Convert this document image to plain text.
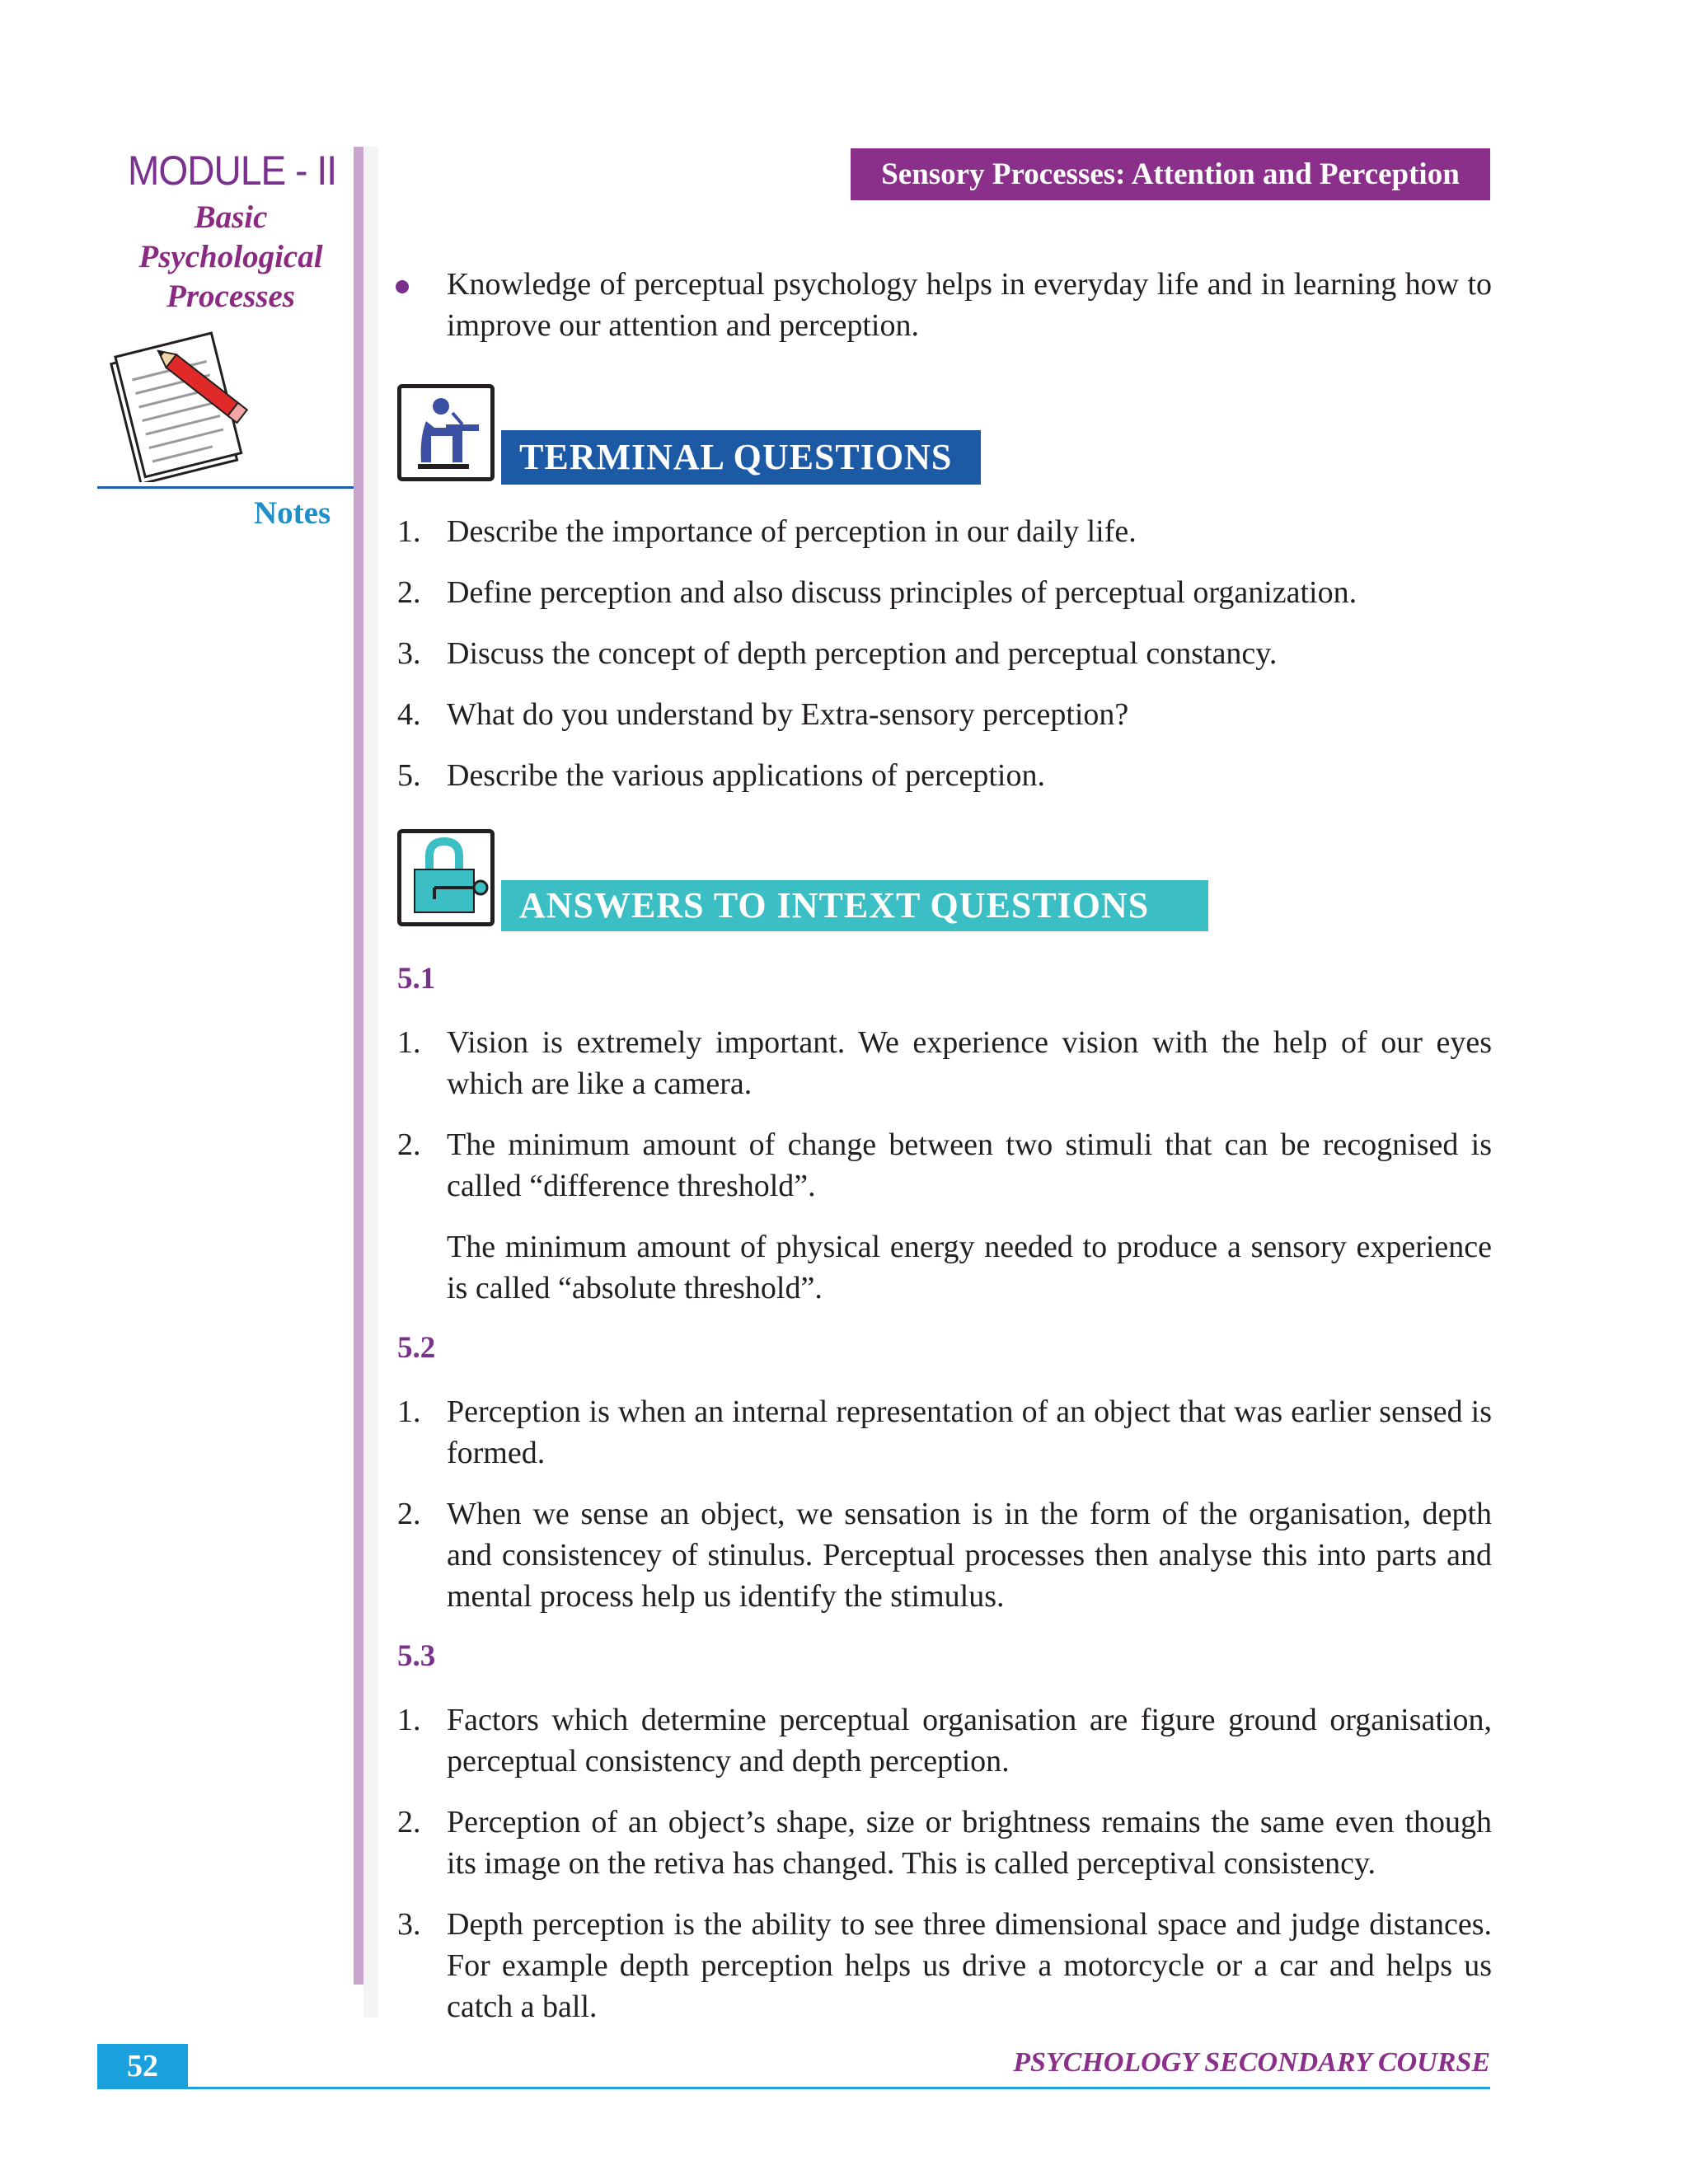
MODULE - II
Basic
Psychological
Processes
Notes
Sensory Processes: Attention and Perception
Knowledge of perceptual psychology helps in everyday life and in learning how to improve our attention and perception.
TERMINAL QUESTIONS
1. Describe the importance of perception in our daily life.
2. Define perception and also discuss principles of perceptual organization.
3. Discuss the concept of depth perception and perceptual constancy.
4. What do you understand by Extra-sensory perception?
5. Describe the various applications of perception.
ANSWERS TO INTEXT QUESTIONS
5.1
1. Vision is extremely important. We experience vision with the help of our eyes which are like a camera.
2. The minimum amount of change between two stimuli that can be recognised is called “difference threshold”.
The minimum amount of physical energy needed to produce a sensory experience is called “absolute threshold”.
5.2
1. Perception is when an internal representation of an object that was earlier sensed is formed.
2. When we sense an object, we sensation is in the form of the organisation, depth and consistencey of stinulus. Perceptual processes then analyse this into parts and mental process help us identify the stimulus.
5.3
1. Factors which determine perceptual organisation are figure ground organisation, perceptual consistency and depth perception.
2. Perception of an object’s shape, size or brightness remains the same even though its image on the retiva has changed. This is called perceptival consistency.
3. Depth perception is the ability to see three dimensional space and judge distances. For example depth perception helps us drive a motorcycle or a car and helps us catch a ball.
52	PSYCHOLOGY SECONDARY COURSE
